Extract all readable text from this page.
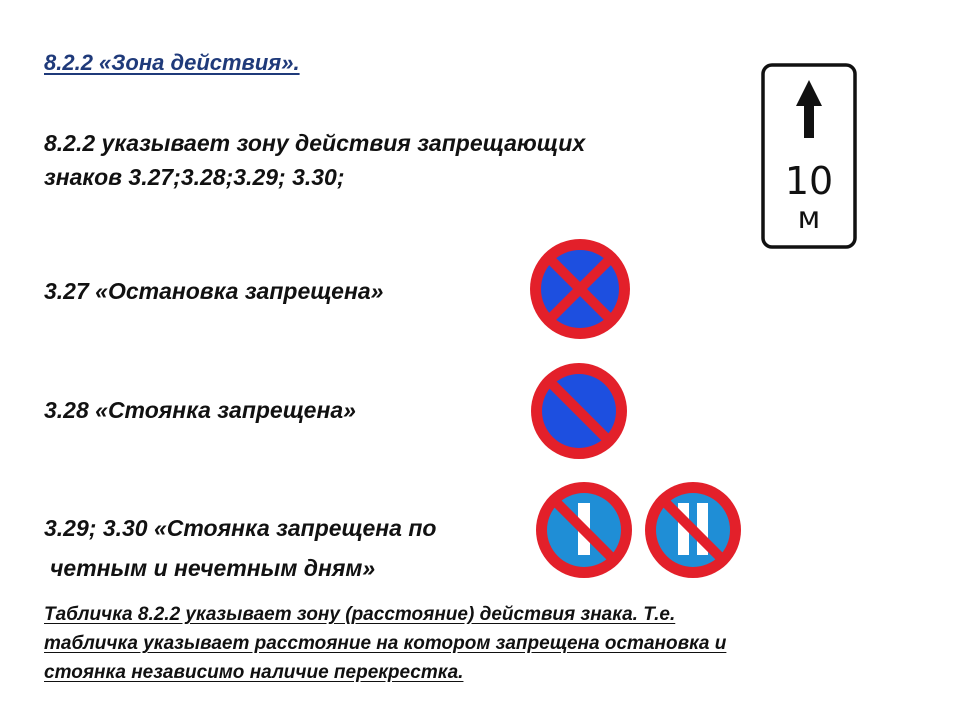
8.2.2 «Зона действия».
8.2.2 указывает зону действия запрещающих
знаков 3.27;3.28;3.29; 3.30;
3.27 «Остановка запрещена»
3.28 «Стоянка запрещена»
3.29; 3.30 «Стоянка запрещена по
четным и нечетным дням»
Табличка 8.2.2 указывает зону (расстояние) действия знака. Т.е.
табличка указывает расстояние на котором запрещена остановка и
стоянка независимо наличие перекрестка.
10
м
